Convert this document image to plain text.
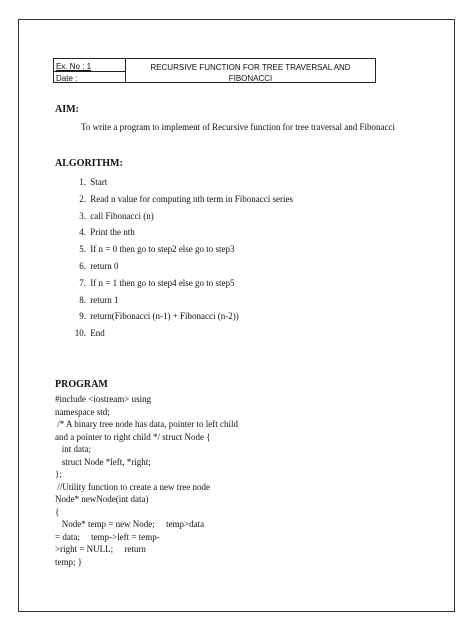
Ex. No : 1
Date :
RECURSIVE FUNCTION FOR TREE TRAVERSAL AND
FIBONACCI
AIM:
To write a program to implement of Recursive function for tree traversal and Fibonacci
ALGORITHM:
1. Start
2. Read n value for computing nth term in Fibonacci series
3. call Fibonacci (n)
4. Print the nth
5. If n = 0 then go to step2 else go to step3
6. return 0
7. If n = 1 then go to step4 else go to step5
8. return 1
9. return(Fibonacci (n-1) + Fibonacci (n-2))
10. End
PROGRAM
#include <iostream> using
namespace std;
/* A binary tree node has data, pointer to left child
and a pointer to right child */ struct Node {
int data;
struct Node *left, *right;
};
//Utility function to create a new tree node
Node* newNode(int data)
{
Node* temp = new Node;     temp>data
= data;     temp->left = temp-
>right = NULL;     return
temp; }
